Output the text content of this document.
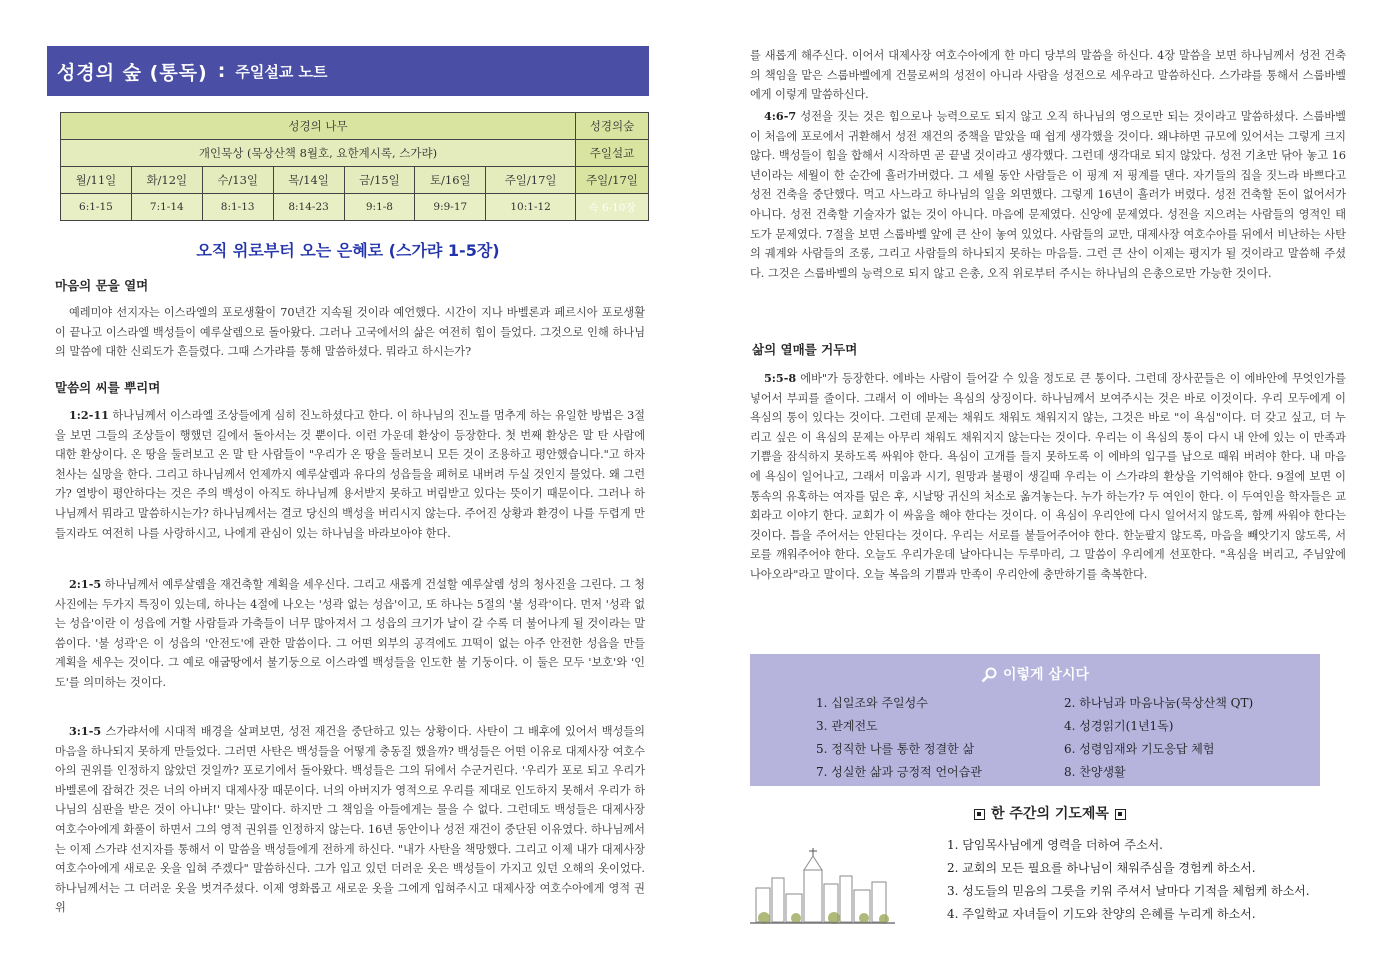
성경의 숲 (통독) : 주일설교 노트
성경의 나무							성경의숲
개인묵상 (묵상산책 8월호, 요한계시록, 스가랴)							주일설교
월/11일	화/12일	수/13일	목/14일	금/15일	토/16일	주일/17일	주일/17일
6:1-15	7:1-14	8:1-13	8:14-23	9:1-8	9:9-17	10:1-12	슥 6-10장
오직 위로부터 오는 은혜로 (스가랴 1-5장)
마음의 문을 열며
예레미야 선지자는 이스라엘의 포로생활이 70년간 지속될 것이라 예언했다. 시간이 지나 바벨론과 페르시아 포로생활이 끝나고 이스라엘 백성들이 예루살렘으로 돌아왔다. 그러나 고국에서의 삶은 여전히 힘이 들었다. 그것으로 인해 하나님의 말씀에 대한 신뢰도가 흔들렸다. 그때 스가랴를 통해 말씀하셨다. 뭐라고 하시는가?
말씀의 씨를 뿌리며
1:2-11 하나님께서 이스라엘 조상들에게 심히 진노하셨다고 한다. 이 하나님의 진노를 멈추게 하는 유일한 방법은 3절을 보면 그들의 조상들이 행했던 길에서 돌아서는 것 뿐이다. 이런 가운데 환상이 등장한다. 첫 번째 환상은 말 탄 사람에 대한 환상이다. 온 땅을 둘러보고 온 말 탄 사람들이 "우리가 온 땅을 둘러보니 모든 것이 조용하고 평안했습니다."고 하자 천사는 실망을 한다. 그리고 하나님께서 언제까지 예루살렘과 유다의 성읍들을 폐허로 내버려 두실 것인지 물었다. 왜 그런가? 열방이 평안하다는 것은 주의 백성이 아직도 하나님께 용서받지 못하고 버림받고 있다는 뜻이기 때문이다. 그러나 하나님께서 뭐라고 말씀하시는가? 하나님께서는 결코 당신의 백성을 버리시지 않는다. 주어진 상황과 환경이 나를 두렵게 만들지라도 여전히 나를 사랑하시고, 나에게 관심이 있는 하나님을 바라보아야 한다.
2:1-5 하나님께서 예루살렘을 재건축할 계획을 세우신다. 그리고 새롭게 건설할 예루살렘 성의 청사진을 그린다. 그 청사진에는 두가지 특징이 있는데, 하나는 4절에 나오는 '성곽 없는 성읍'이고, 또 하나는 5절의 '불 성곽'이다. 먼저 '성곽 없는 성읍'이란 이 성읍에 거할 사람들과 가축들이 너무 많아져서 그 성읍의 크기가 날이 갈 수록 더 불어나게 될 것이라는 말씀이다. '불 성곽'은 이 성읍의 '안전도'에 관한 말씀이다. 그 어떤 외부의 공격에도 끄떡이 없는 아주 안전한 성읍을 만들 계획을 세우는 것이다. 그 예로 애굽땅에서 불기둥으로 이스라엘 백성들을 인도한 불 기둥이다. 이 둘은 모두 '보호'와 '인도'를 의미하는 것이다.
3:1-5 스가랴서에 시대적 배경을 살펴보면, 성전 재건을 중단하고 있는 상황이다. 사탄이 그 배후에 있어서 백성들의 마음을 하나되지 못하게 만들었다. 그러면 사탄은 백성들을 어떻게 충동질 했을까? 백성들은 어떤 이유로 대제사장 여호수아의 권위를 인정하지 않았던 것일까? 포로기에서 돌아왔다. 백성들은 그의 뒤에서 수군거린다. '우리가 포로 되고 우리가 바벨론에 잡혀간 것은 너의 아버지 대제사장 때문이다. 너의 아버지가 영적으로 우리를 제대로 인도하지 못해서 우리가 하나님의 심판을 받은 것이 아니냐!' 맞는 말이다. 하지만 그 책임을 아들에게는 물을 수 없다. 그런데도 백성들은 대제사장 여호수아에게 화풀이 하면서 그의 영적 권위를 인정하지 않는다. 16년 동안이나 성전 재건이 중단된 이유였다. 하나님께서는 이제 스가랴 선지자를 통해서 이 말씀을 백성들에게 전하게 하신다. "내가 사탄을 책망했다. 그리고 이제 내가 대제사장 여호수아에게 새로운 옷을 입혀 주겠다" 말씀하신다. 그가 입고 있던 더러운 옷은 백성들이 가지고 있던 오해의 옷이었다. 하나님께서는 그 더러운 옷을 벗겨주셨다. 이제 영화롭고 새로운 옷을 그에게 입혀주시고 대제사장 여호수아에게 영적 권위
를 새롭게 해주신다. 이어서 대제사장 여호수아에게 한 마디 당부의 말씀을 하신다. 4장 말씀을 보면 하나님께서 성전 건축의 책임을 맡은 스룹바벨에게 건물로써의 성전이 아니라 사람을 성전으로 세우라고 말씀하신다. 스가랴를 통해서 스룹바벨에게 이렇게 말씀하신다.
4:6-7 성전을 짓는 것은 힘으로나 능력으로도 되지 않고 오직 하나님의 영으로만 되는 것이라고 말씀하셨다. 스룹바벨이 처음에 포로에서 귀환해서 성전 재건의 중책을 맡았을 때 쉽게 생각했을 것이다. 왜냐하면 규모에 있어서는 그렇게 크지 않다. 백성들이 힘을 합해서 시작하면 곧 끝낼 것이라고 생각했다. 그런데 생각대로 되지 않았다. 성전 기초만 닦아 놓고 16년이라는 세월이 한 순간에 흘러가버렸다. 그 세월 동안 사람들은 이 핑계 저 핑계를 댄다. 자기들의 집을 짓느라 바쁘다고 성전 건축을 중단했다. 먹고 사느라고 하나님의 일을 외면했다. 그렇게 16년이 흘러가 버렸다. 성전 건축할 돈이 없어서가 아니다. 성전 건축할 기술자가 없는 것이 아니다. 마음에 문제였다. 신앙에 문제였다. 성전을 지으려는 사람들의 영적인 태도가 문제였다. 7절을 보면 스룹바벨 앞에 큰 산이 놓여 있었다. 사람들의 교만, 대제사장 여호수아를 뒤에서 비난하는 사탄의 궤계와 사람들의 조롱, 그리고 사람들의 하나되지 못하는 마음들. 그런 큰 산이 이제는 평지가 될 것이라고 말씀해 주셨다. 그것은 스룹바벨의 능력으로 되지 않고 은총, 오직 위로부터 주시는 하나님의 은총으로만 가능한 것이다.
삶의 열매를 거두며
5:5-8 에바"가 등장한다. 에바는 사람이 들어갈 수 있을 정도로 큰 통이다. 그런데 장사꾼들은 이 에바안에 무엇인가를 넣어서 부피를 줄이다. 그래서 이 에바는 욕심의 상징이다. 하나님께서 보여주시는 것은 바로 이것이다. 우리 모두에게 이 욕심의 통이 있다는 것이다. 그런데 문제는 채워도 채워도 채워지지 않는, 그것은 바로 "이 욕심"이다. 더 갖고 싶고, 더 누리고 싶은 이 욕심의 문제는 아무리 채워도 채워지지 않는다는 것이다. 우리는 이 욕심의 통이 다시 내 안에 있는 이 만족과 기쁨을 잠식하지 못하도록 싸워야 한다. 욕심이 고개를 들지 못하도록 이 에바의 입구를 납으로 때워 버려야 한다. 내 마음에 욕심이 일어나고, 그래서 미움과 시기, 원망과 불평이 생길때 우리는 이 스가랴의 환상을 기억해야 한다. 9절에 보면 이 통속의 유혹하는 여자를 덮은 후, 시날땅 귀신의 처소로 옮겨놓는다. 누가 하는가? 두 여인이 한다. 이 두여인을 학자들은 교회라고 이야기 한다. 교회가 이 싸움을 해야 한다는 것이다. 이 욕심이 우리안에 다시 일어서지 않도록, 함께 싸워야 한다는 것이다. 틈을 주어서는 안된다는 것이다. 우리는 서로를 붙들어주어야 한다. 한눈팔지 않도록, 마음을 빼앗기지 않도록, 서로를 깨워주어야 한다. 오늘도 우리가운데 날아다니는 두루마리, 그 말씀이 우리에게 선포한다. "욕심을 버리고, 주님앞에 나아오라"라고 말이다. 오늘 복음의 기쁨과 만족이 우리안에 충만하기를 축복한다.
이렇게 삽시다
1. 십일조와 주일성수	2. 하나님과 마음나눔(묵상산책 QT)
3. 관계전도	4. 성경읽기(1년1독)
5. 정직한 나를 통한 정결한 삶	6. 성령임재와 기도응답 체험
7. 성실한 삶과 긍정적 언어습관	8. 찬양생활
한 주간의 기도제목
1. 담임목사님에게 영력을 더하여 주소서.
2. 교회의 모든 필요를 하나님이 채워주심을 경험케 하소서.
3. 성도들의 믿음의 그릇을 키워 주셔서 날마다 기적을 체험케 하소서.
4. 주일학교 자녀들이 기도와 찬양의 은혜를 누리게 하소서.
